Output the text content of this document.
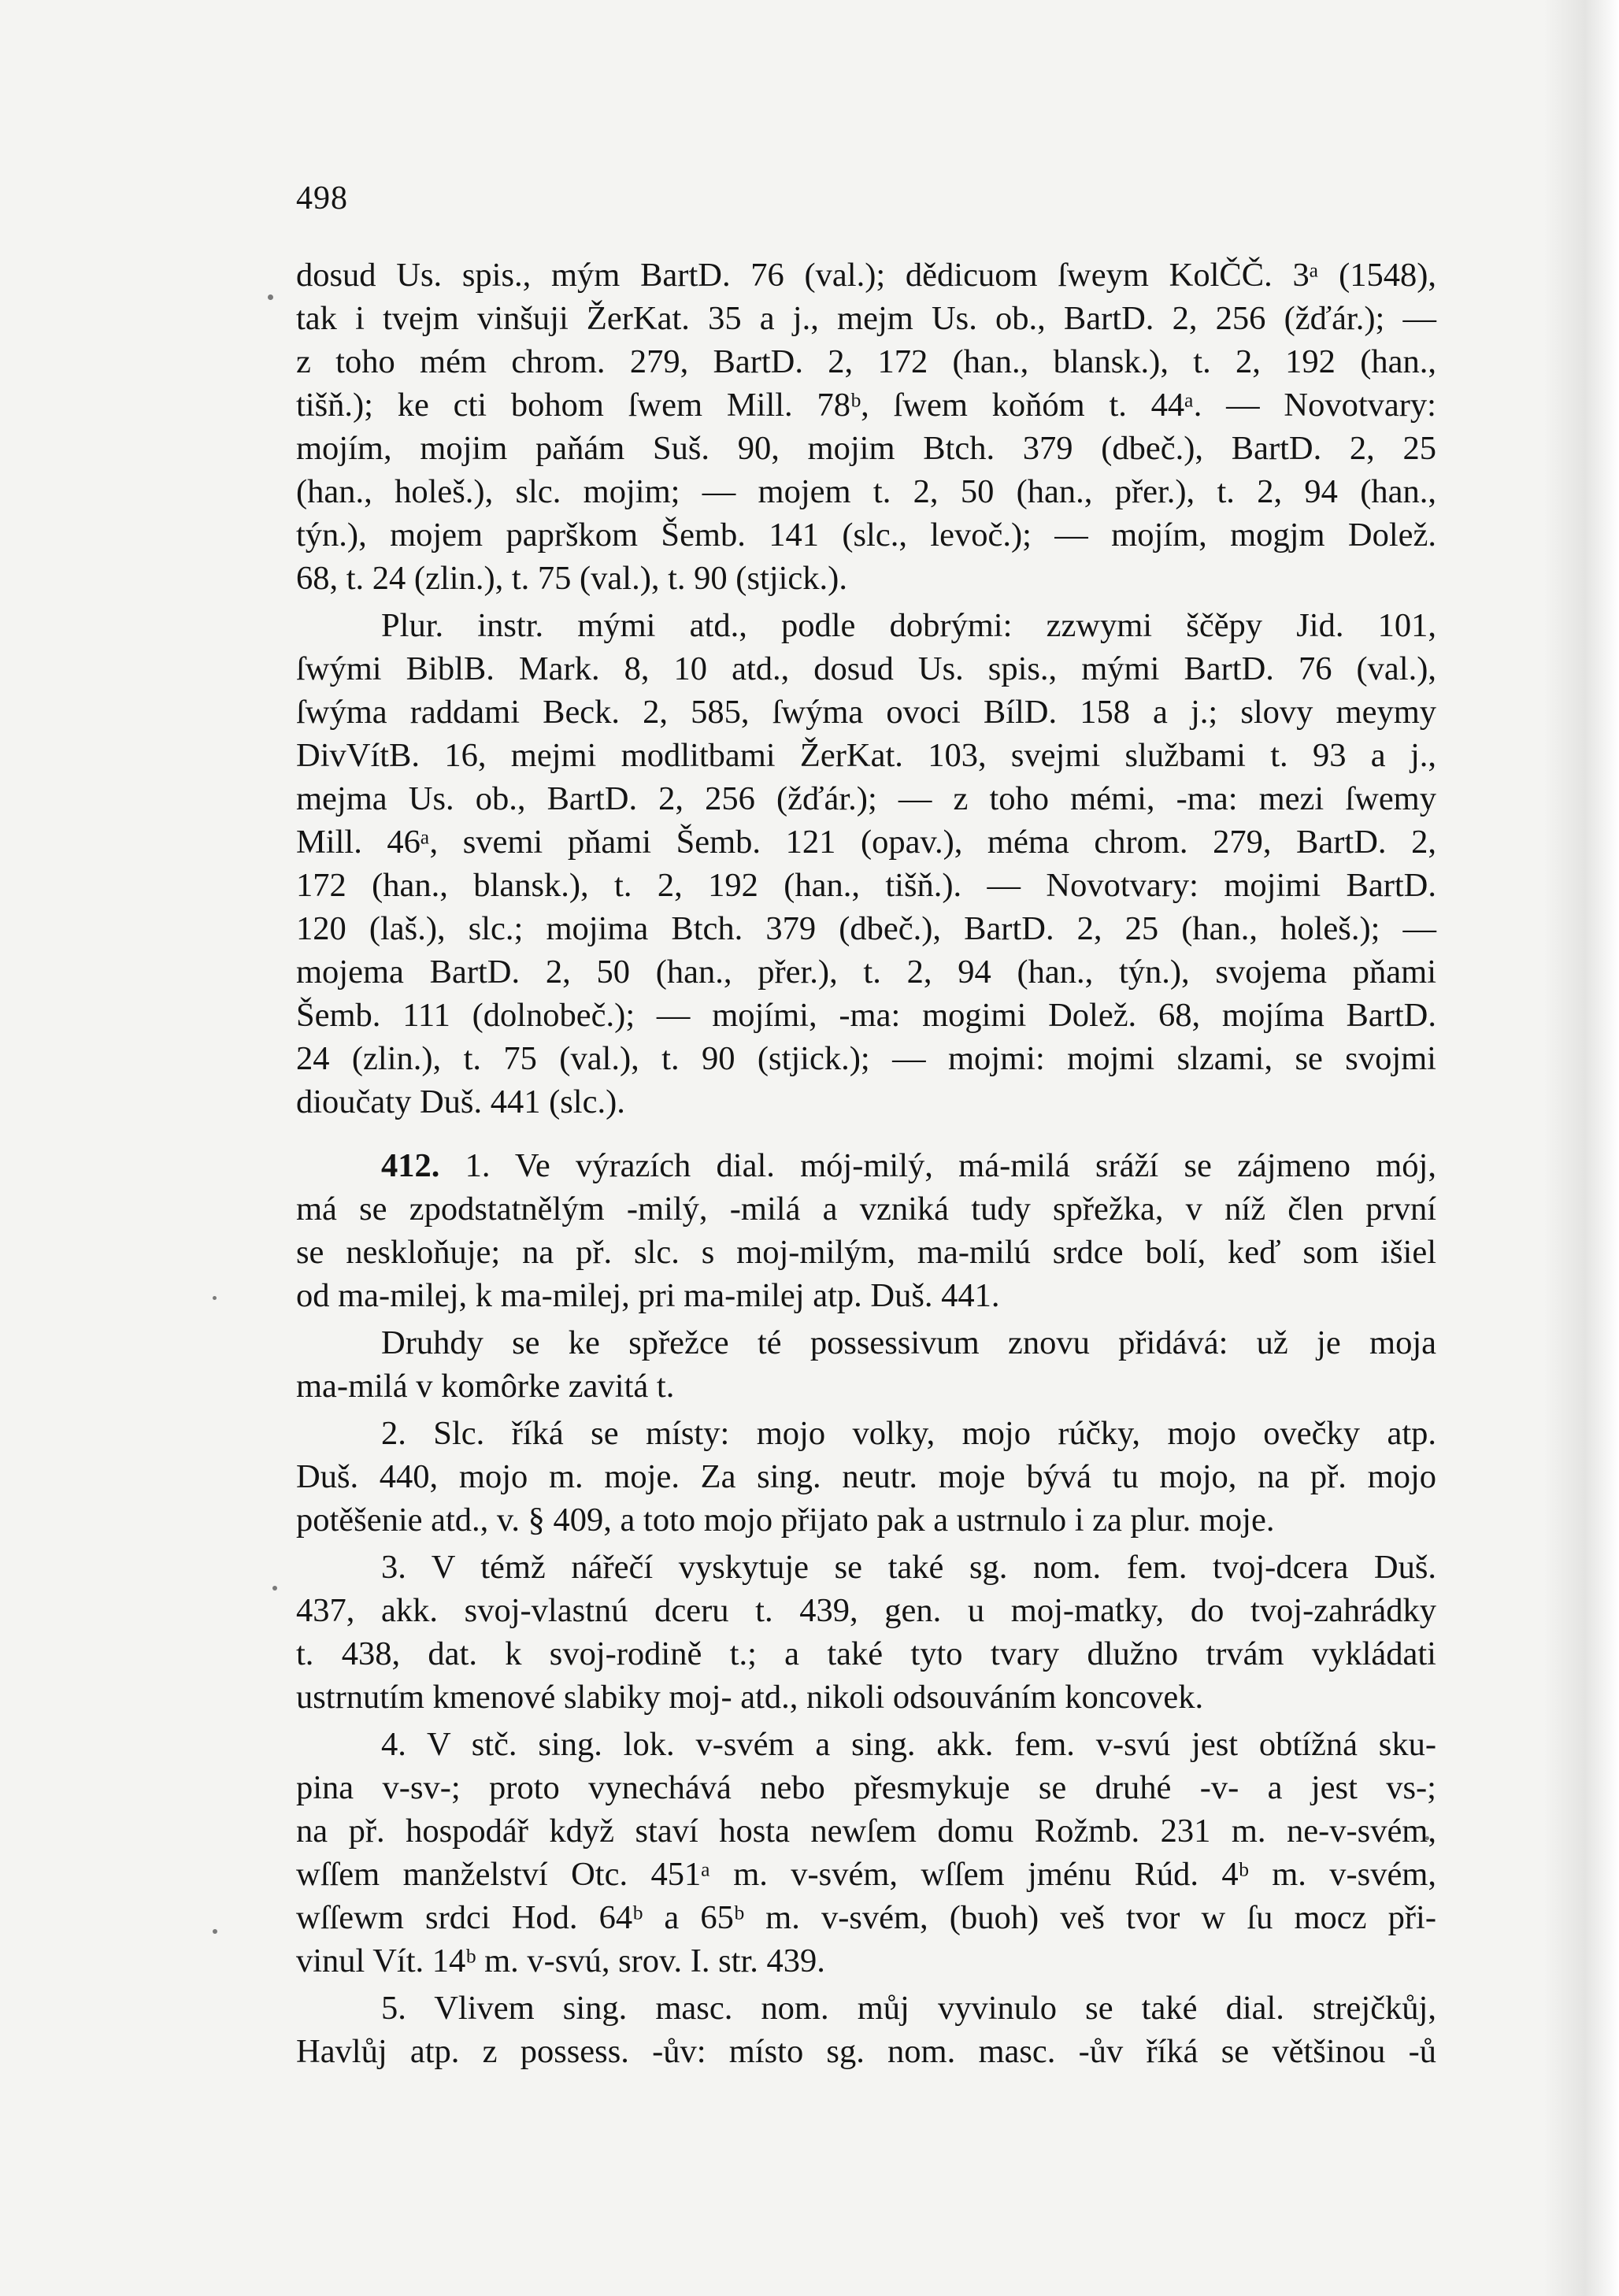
498

dosud Us. spis., mým BartD. 76 (val.); dědicuom ſweym KolČČ. 3ᵃ (1548),
tak i tvejm vinšuji ŽerKat. 35 a j., mejm Us. ob., BartD. 2, 256 (žďár.); —
z toho mém chrom. 279, BartD. 2, 172 (han., blansk.), t. 2, 192 (han.,
tišň.); ke cti bohom ſwem Mill. 78ᵇ, ſwem koňóm t. 44ᵃ. — Novotvary:
mojím, mojim paňám Suš. 90, mojim Btch. 379 (dbeč.), BartD. 2, 25
(han., holeš.), slc. mojim; — mojem t. 2, 50 (han., přer.), t. 2, 94 (han.,
týn.), mojem paprškom Šemb. 141 (slc., levoč.); — mojím, mogjm Dolež.
68, t. 24 (zlin.), t. 75 (val.), t. 90 (stjick.).

Plur. instr. mými atd., podle dobrými: zzwymi ščěpy Jid. 101,
ſwými BiblB. Mark. 8, 10 atd., dosud Us. spis., mými BartD. 76 (val.),
ſwýma raddami Beck. 2, 585, ſwýma ovoci BílD. 158 a j.; slovy meymy
DivVítB. 16, mejmi modlitbami ŽerKat. 103, svejmi službami t. 93 a j.,
mejma Us. ob., BartD. 2, 256 (žďár.); — z toho mémi, -ma: mezi ſwemy
Mill. 46ᵃ, svemi pňami Šemb. 121 (opav.), méma chrom. 279, BartD. 2,
172 (han., blansk.), t. 2, 192 (han., tišň.). — Novotvary: mojimi BartD.
120 (laš.), slc.; mojima Btch. 379 (dbeč.), BartD. 2, 25 (han., holeš.); —
mojema BartD. 2, 50 (han., přer.), t. 2, 94 (han., týn.), svojema pňami
Šemb. 111 (dolnobeč.); — mojími, -ma: mogimi Dolež. 68, mojíma BartD.
24 (zlin.), t. 75 (val.), t. 90 (stjick.); — mojmi: mojmi slzami, se svojmi
dioučaty Duš. 441 (slc.).

412. 1. Ve výrazích dial. mój-milý, má-milá sráží se zájmeno mój,
má se zpodstatnělým -milý, -milá a vzniká tudy spřežka, v níž člen první
se neskloňuje; na př. slc. s moj-milým, ma-milú srdce bolí, keď som išiel
od ma-milej, k ma-milej, pri ma-milej atp. Duš. 441.

Druhdy se ke spřežce té possessivum znovu přidává: už je moja
ma-milá v komôrke zavitá t.

2. Slc. říká se místy: mojo volky, mojo rúčky, mojo ovečky atp.
Duš. 440, mojo m. moje. Za sing. neutr. moje bývá tu mojo, na př. mojo
potěšenie atd., v. § 409, a toto mojo přijato pak a ustrnulo i za plur. moje.

3. V témž nářečí vyskytuje se také sg. nom. fem. tvoj-dcera Duš.
437, akk. svoj-vlastnú dceru t. 439, gen. u moj-matky, do tvoj-zahrádky
t. 438, dat. k svoj-rodině t.; a také tyto tvary dlužno trvám vykládati
ustrnutím kmenové slabiky moj- atd., nikoli odsouváním koncovek.

4. V stč. sing. lok. v-svém a sing. akk. fem. v-svú jest obtížná sku-
pina v-sv-; proto vynechává nebo přesmykuje se druhé -v- a jest vs-;
na př. hospodář když staví hosta newſem domu Rožmb. 231 m. ne-v-svém,
wſſem manželství Otc. 451ᵃ m. v-svém, wſſem jménu Rúd. 4ᵇ m. v-svém,
wſſewm srdci Hod. 64ᵇ a 65ᵇ m. v-svém, (buoh) veš tvor w ſu mocz při-
vinul Vít. 14ᵇ m. v-svú, srov. I. str. 439.

5. Vlivem sing. masc. nom. můj vyvinulo se také dial. strejčkůj,
Havlůj atp. z possess. -ův: místo sg. nom. masc. -ův říká se většinou -ů
